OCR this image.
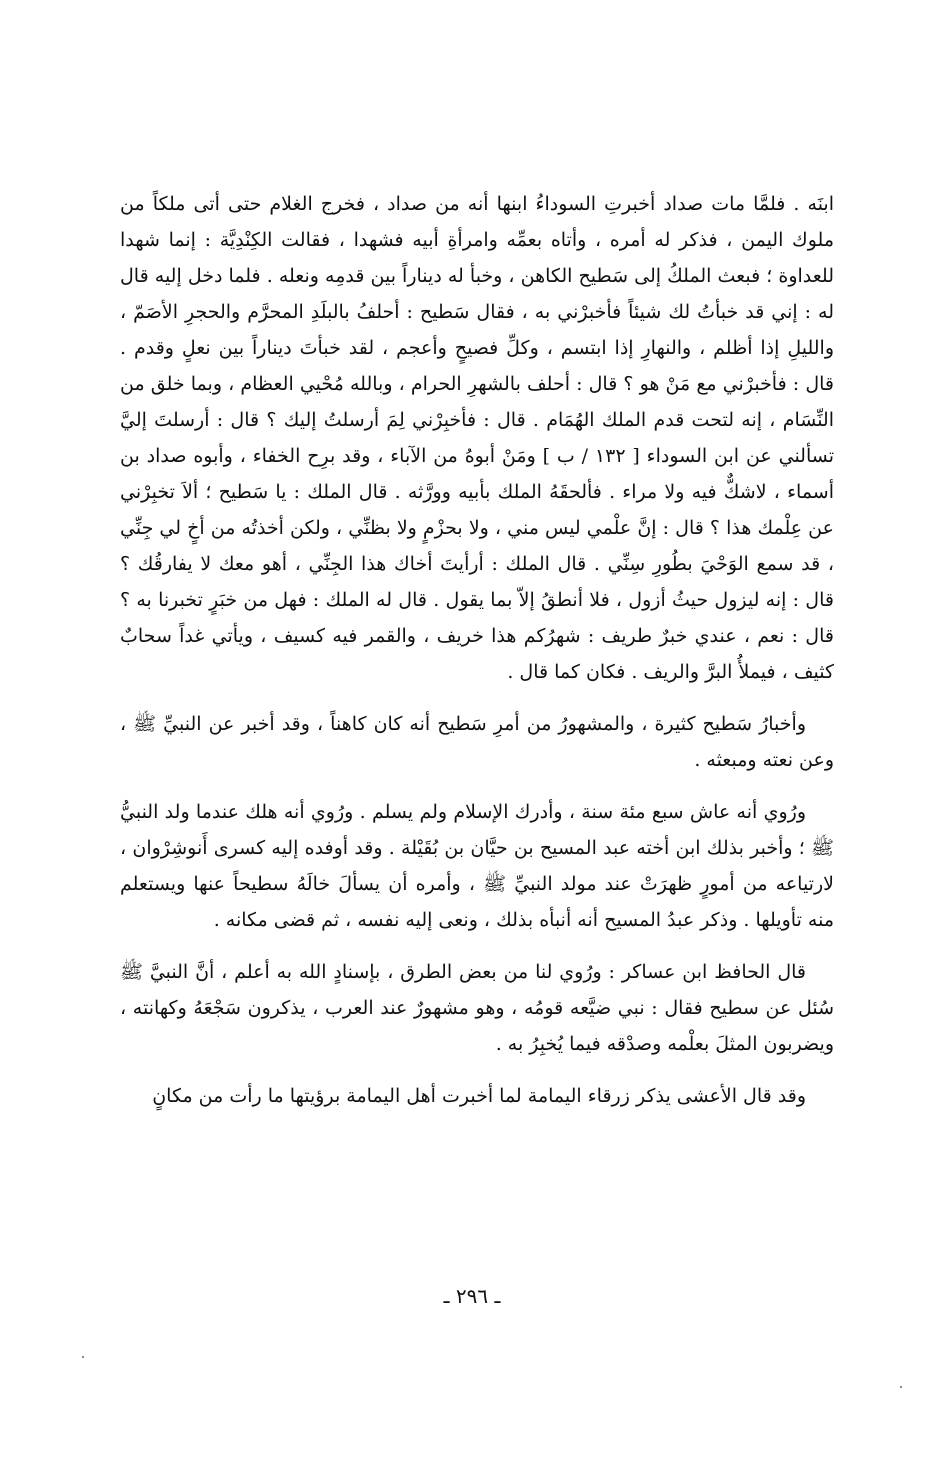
ابنَه . فلمَّا مات صداد أخبرتِ السوداءُ ابنها أنه من صداد ، فخرج الغلام حتى أتى ملكاً من ملوك اليمن ، فذكر له أمره ، وأتاه بعمِّه وامرأةِ أبيه فشهدا ، فقالت الكِنْدِيَّة : إنما شهدا للعداوة ؛ فبعث الملكُ إلى سَطيح الكاهن ، وخبأ له ديناراً بين قدمِه ونعله . فلما دخل إليه قال له : إني قد خبأتُ لك شيئاً فأخبرْني به ، فقال سَطيح : أحلفُ بالبلَدِ المحرَّم والحجرِ الأصَمّ ، والليلِ إذا أظلم ، والنهارِ إذا ابتسم ، وكلِّ فصيحٍ وأعجم ، لقد خبأتَ ديناراً بين نعلٍ وقدم . قال : فأخبرْني مع مَنْ هو ؟ قال : أحلف بالشهرِ الحرام ، وبالله مُحْيي العظام ، وبما خلق من النِّسَام ، إنه لتحت قدم الملك الهُمَام . قال : فأخبِرْني لِمَ أرسلتُ إليك ؟ قال : أرسلتَ إليَّ تسألني عن ابن السوداء [ ١٣٢ / ب ] ومَنْ أبوهُ من الآباء ، وقد برِح الخفاء ، وأبوه صداد بن أسماء ، لاشكٌّ فيه ولا مراء . فألحقَهُ الملك بأبيه وورَّثه . قال الملك : يا سَطيح ؛ ألاَ تخبِرْني عن عِلْمك هذا ؟ قال : إنَّ علْمي ليس مني ، ولا بحزْمٍ ولا بظنِّي ، ولكن أخذتُه من أخٍ لي جِنِّي ، قد سمع الوَحْيَ بطُورِ سِنِّي . قال الملك : أرأيتَ أخاك هذا الجِنِّي ، أهو معك لا يفارقُك ؟ قال : إنه ليزول حيثُ أزول ، فلا أنطقُ إلاّ بما يقول . قال له الملك : فهل من خبَرٍ تخبرنا به ؟ قال : نعم ، عندي خبرٌ طريف : شهرُكم هذا خريف ، والقمر فيه كسيف ، ويأتي غداً سحابٌ كثيف ، فيملأُ البرَّ والريف . فكان كما قال .

وأخبارُ سَطيح كثيرة ، والمشهورُ من أمرِ سَطيح أنه كان كاهناً ، وقد أخبر عن النبيِّ ﷺ ، وعن نعته ومبعثه .

ورُوي أنه عاش سبع مئة سنة ، وأدرك الإسلام ولم يسلم . ورُوي أنه هلك عندما ولد النبيُّ ﷺ ؛ وأخبر بذلك ابن أخته عبد المسيح بن حيَّان بن بُقَيْلة . وقد أوفده إليه كسرى أَنوشِرْوان ، لارتياعه من أمورٍ ظهرَتْ عند مولد النبيِّ ﷺ ، وأمره أن يسألَ خالَهُ سطيحاً عنها ويستعلم منه تأويلها . وذكر عبدُ المسيح أنه أنبأه بذلك ، ونعى إليه نفسه ، ثم قضى مكانه .

قال الحافظ ابن عساكر : ورُوي لنا من بعض الطرق ، بإسنادٍ الله به أعلم ، أنَّ النبيَّ ﷺ سُئل عن سطيح فقال : نبي ضيَّعه قومُه ، وهو مشهورٌ عند العرب ، يذكرون سَجْعَهُ وكهانته ، ويضربون المثلَ بعلْمه وصدْقه فيما يُخبِرُ به .

وقد قال الأعشى يذكر زرقاء اليمامة لما أخبرت أهل اليمامة برؤيتها ما رأت من مكانٍ

ـ ٢٩٦ ـ
